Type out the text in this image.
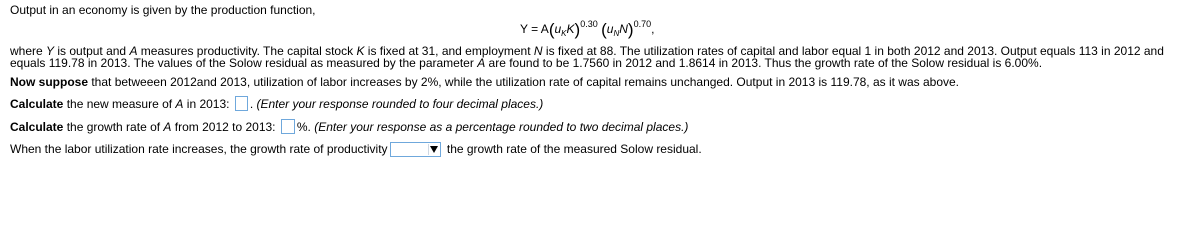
Output in an economy is given by the production function,
$Y = A(u_KK)^{0.30}$ $(u_NN)^{0.70}$,
where Y is output and A measures productivity. The capital stock K is fixed at 31, and employment N is fixed at 88. The utilization rates of capital and labor equal 1 in both 2012 and 2013. Output equals 113 in 2012 and equals 119.78 in 2013. The values of the Solow residual as measured by the parameter A are found to be 1.7560 in 2012 and 1.8614 in 2013. Thus the growth rate of the Solow residual is 6.00%.
Now suppose that betweeen 2012and 2013, utilization of labor increases by 2%, while the utilization rate of capital remains unchanged. Output in 2013 is 119.78, as it was above.
Calculate the new measure of A in 2013: . (Enter your response rounded to four decimal places.)
Calculate the growth rate of A from 2012 to 2013: %. (Enter your response as a percentage rounded to two decimal places.)
When the labor utilization rate increases, the growth rate of productivity	the growth rate of the measured Solow residual.
